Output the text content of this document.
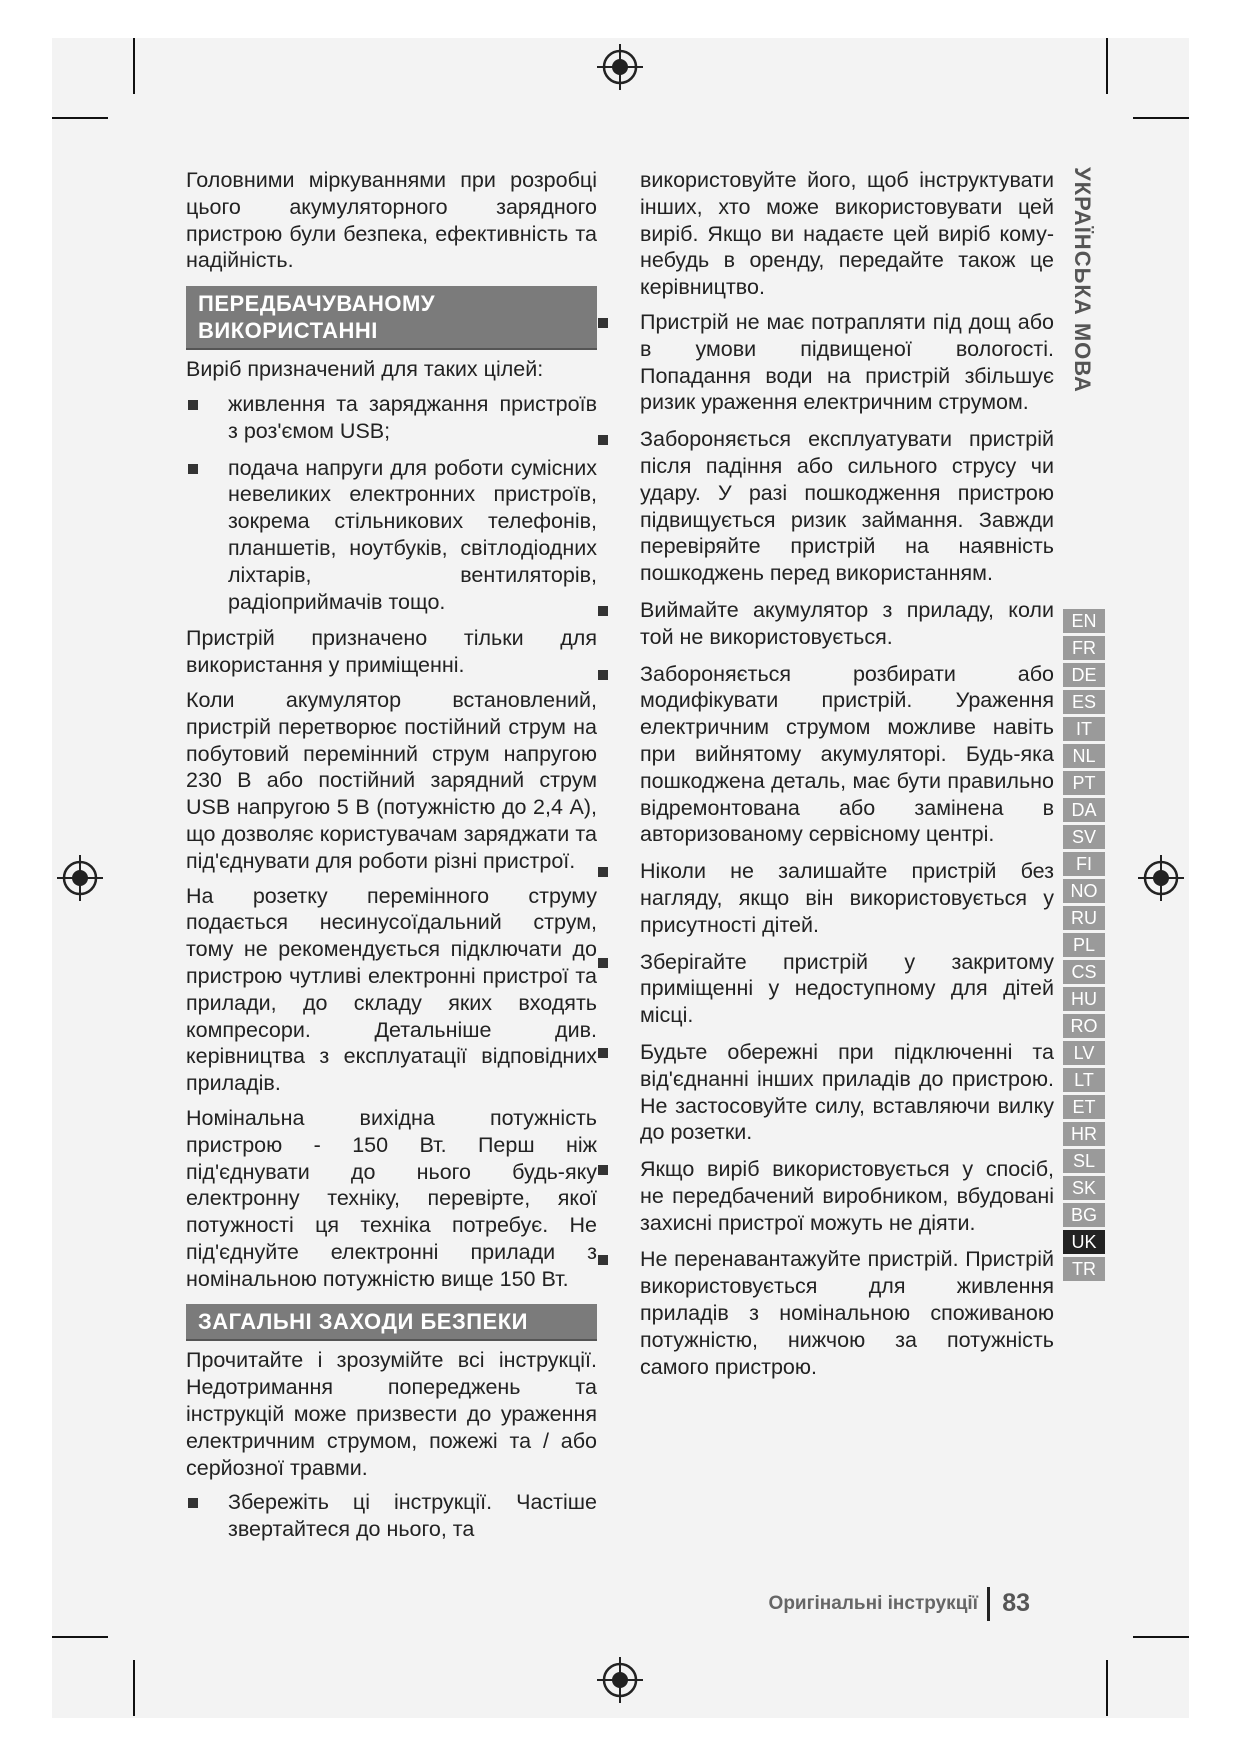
Головними міркуваннями при розробці цього акумуляторного зарядного пристрою були безпека, ефективність та надійність.

ПЕРЕДБАЧУВАНОМУ ВИКОРИСТАННІ

Виріб призначений для таких цілей:

живлення та заряджання пристроїв з роз'ємом USB;
подача напруги для роботи сумісних невеликих електронних пристроїв, зокрема стільникових телефонів, планшетів, ноутбуків, світлодіодних ліхтарів, вентиляторів, радіоприймачів тощо.

Пристрій призначено тільки для використання у приміщенні.

Коли акумулятор встановлений, пристрій перетворює постійний струм на побутовий перемінний струм напругою 230 В або постійний зарядний струм USB напругою 5 В (потужністю до 2,4 А), що дозволяє користувачам заряджати та під'єднувати для роботи різні пристрої.

На розетку перемінного струму подається несинусоїдальний струм, тому не рекомендується підключати до пристрою чутливі електронні пристрої та прилади, до складу яких входять компресори. Детальніше див. керівництва з експлуатації відповідних приладів.

Номінальна вихідна потужність пристрою - 150 Вт. Перш ніж під'єднувати до нього будь-яку електронну техніку, перевірте, якої потужності ця техніка потребує. Не під'єднуйте електронні прилади з номінальною потужністю вище 150 Вт.

ЗАГАЛЬНІ ЗАХОДИ БЕЗПЕКИ

Прочитайте і зрозумійте всі інструкції. Недотримання попереджень та інструкцій може призвести до ураження електричним струмом, пожежі та / або серйозної травми.

Збережіть ці інструкції. Частіше звертайтеся до нього, та

використовуйте його, щоб інструктувати інших, хто може використовувати цей виріб. Якщо ви надаєте цей виріб кому-небудь в оренду, передайте також це керівництво.

Пристрій не має потрапляти під дощ або в умови підвищеної вологості. Попадання води на пристрій збільшує ризик ураження електричним струмом.
Забороняється експлуатувати пристрій після падіння або сильного струсу чи удару. У разі пошкодження пристрою підвищується ризик займання. Завжди перевіряйте пристрій на наявність пошкоджень перед використанням.
Виймайте акумулятор з приладу, коли той не використовується.
Забороняється розбирати або модифікувати пристрій. Ураження електричним струмом можливе навіть при вийнятому акумуляторі. Будь-яка пошкоджена деталь, має бути правильно відремонтована або замінена в авторизованому сервісному центрі.
Ніколи не залишайте пристрій без нагляду, якщо він використовується у присутності дітей.
Зберігайте пристрій у закритому приміщенні у недоступному для дітей місці.
Будьте обережні при підключенні та від'єднанні інших приладів до пристрою. Не застосовуйте силу, вставляючи вилку до розетки.
Якщо виріб використовується у спосіб, не передбачений виробником, вбудовані захисні пристрої можуть не діяти.
Не перенавантажуйте пристрій. Пристрій використовується для живлення приладів з номінальною споживаною потужністю, нижчою за потужність самого пристрою.
УКРАЇНСЬКА МОВА
EN
FR
DE
ES
IT
NL
PT
DA
SV
FI
NO
RU
PL
CS
HU
RO
LV
LT
ET
HR
SL
SK
BG
UK
TR
Оригінальні інструкції 83
